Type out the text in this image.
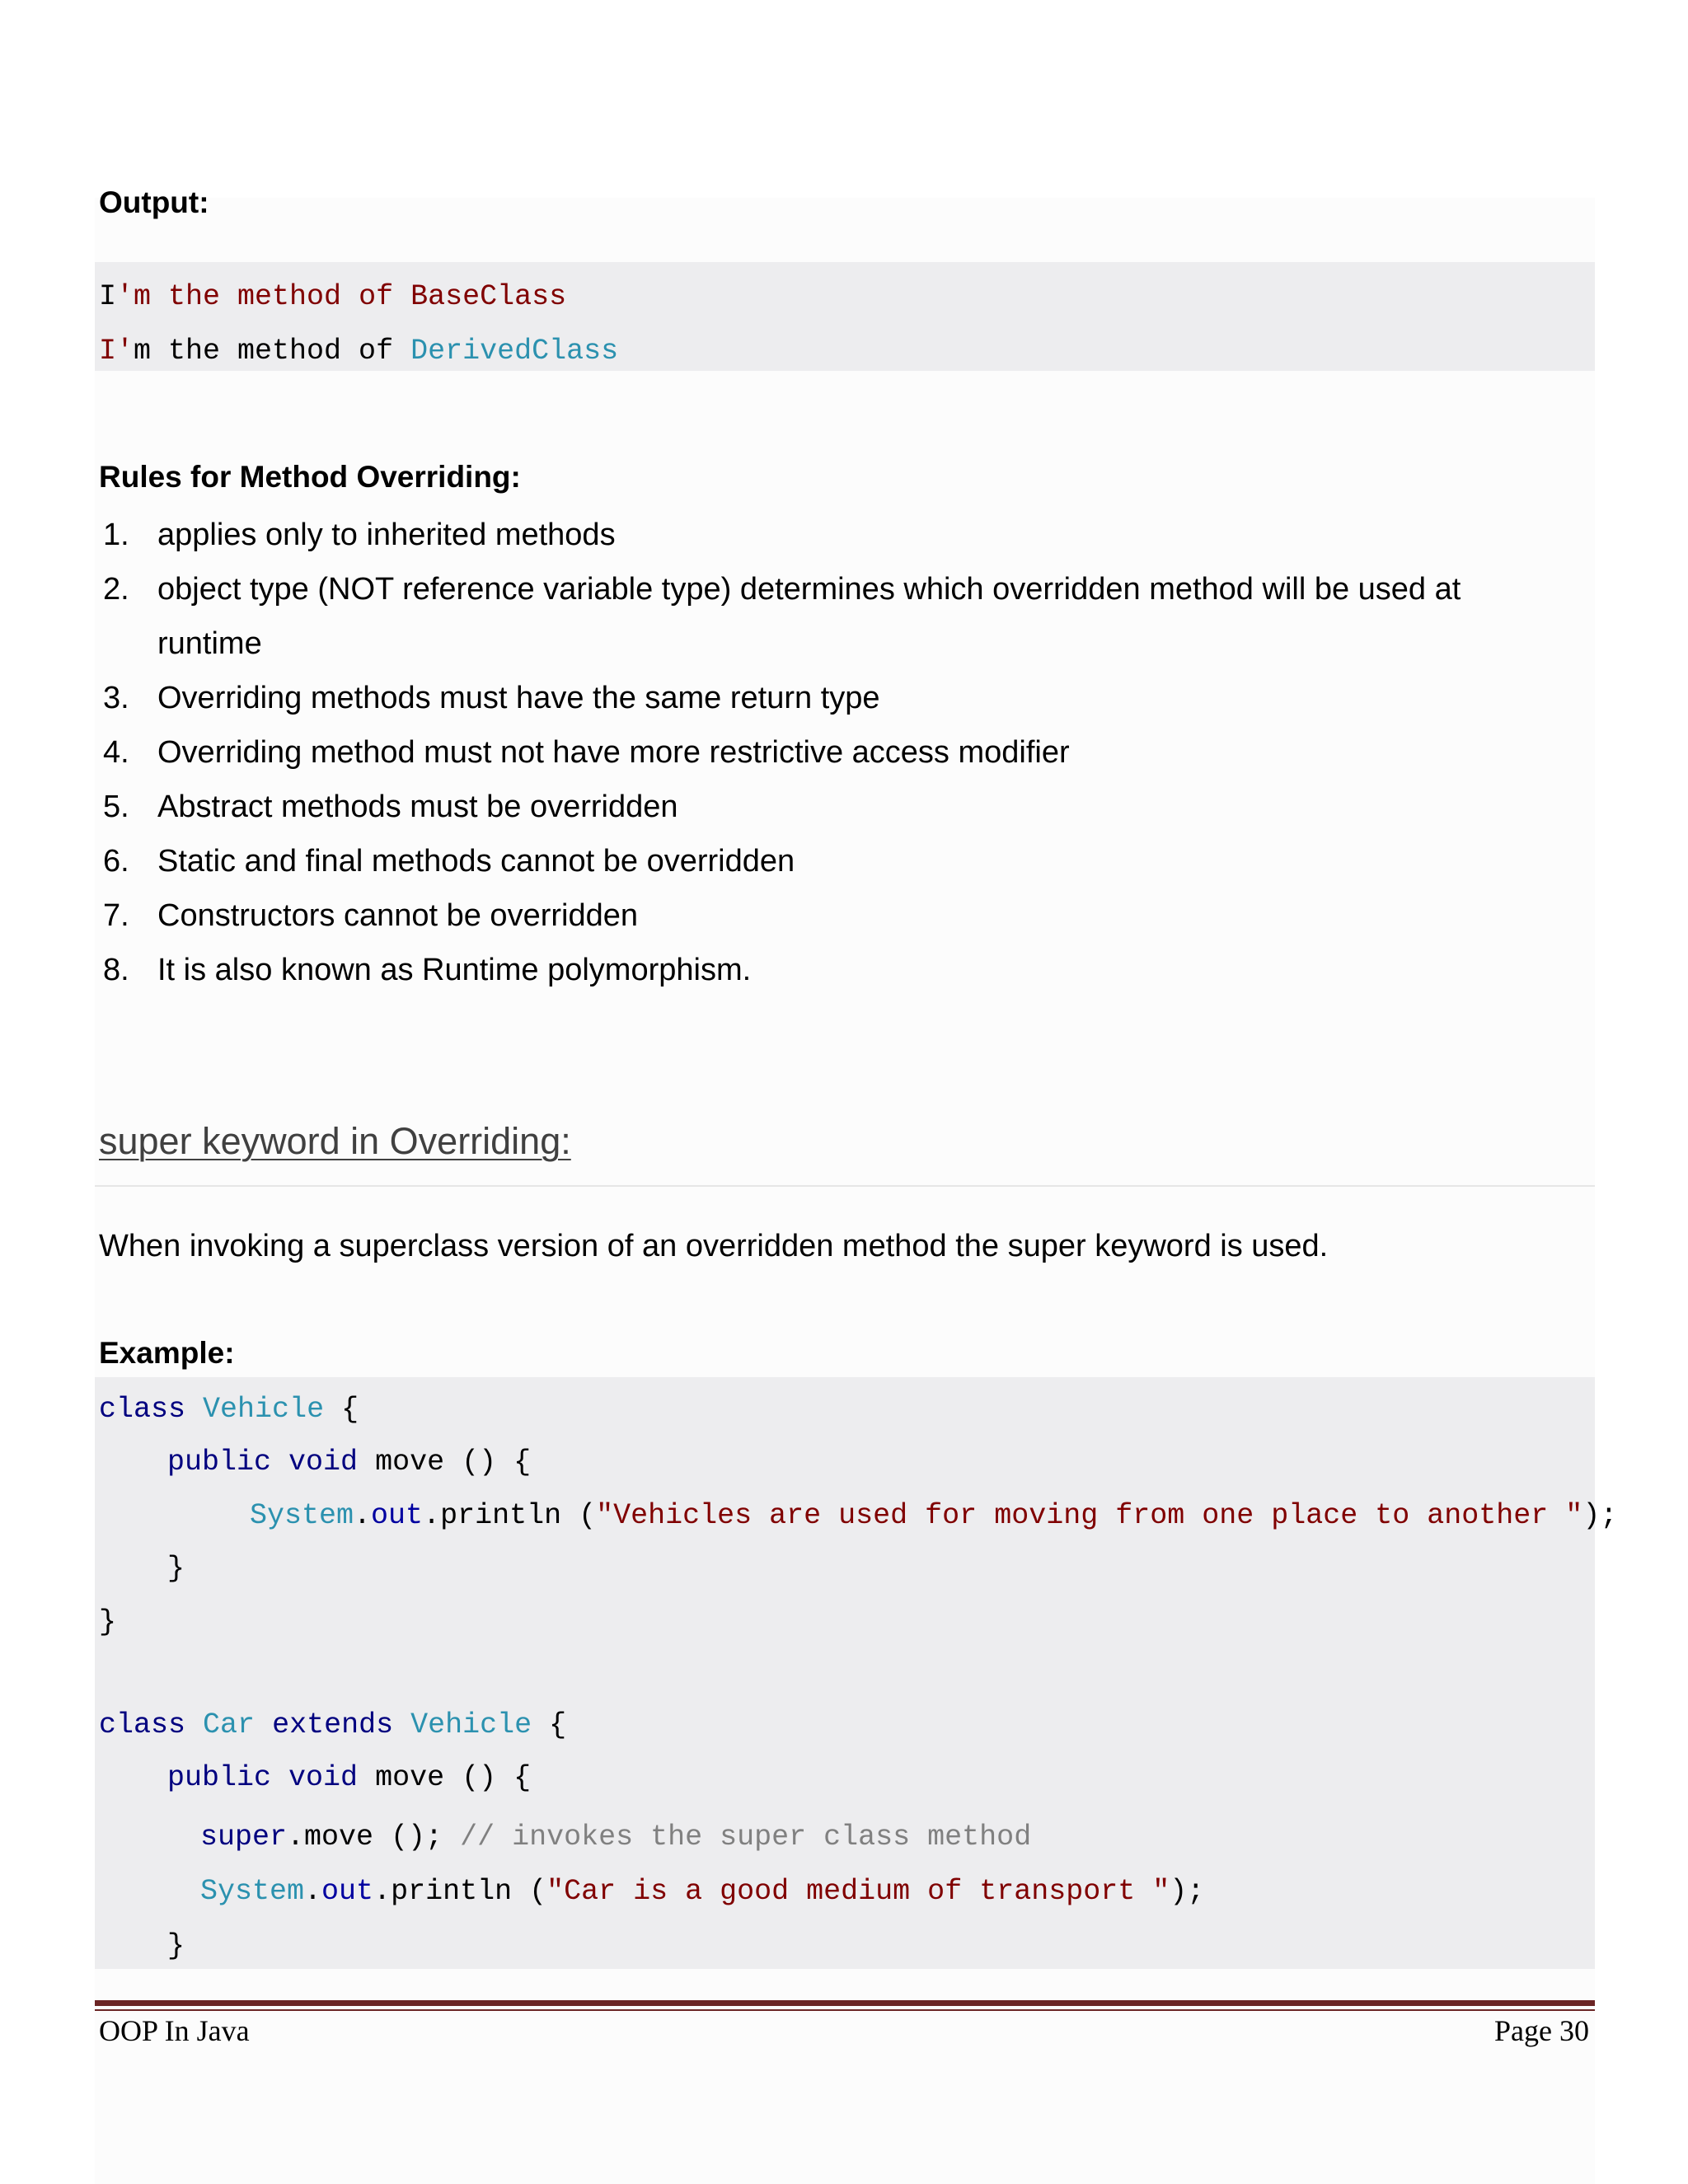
Output:
I'm the method of BaseClass
I'm the method of DerivedClass
Rules for Method Overriding:
1. applies only to inherited methods
2. object type (NOT reference variable type) determines which overridden method will be used at
runtime
3. Overriding methods must have the same return type
4. Overriding method must not have more restrictive access modifier
5. Abstract methods must be overridden
6. Static and final methods cannot be overridden
7. Constructors cannot be overridden
8. It is also known as Runtime polymorphism.
super keyword in Overriding:
When invoking a superclass version of an overridden method the super keyword is used.
Example:
class Vehicle {
public void move () {
System.out.println ("Vehicles are used for moving from one place to another ");
}
}
class Car extends Vehicle {
public void move () {
super.move (); // invokes the super class method
System.out.println ("Car is a good medium of transport ");
}
OOP In Java	Page 30
